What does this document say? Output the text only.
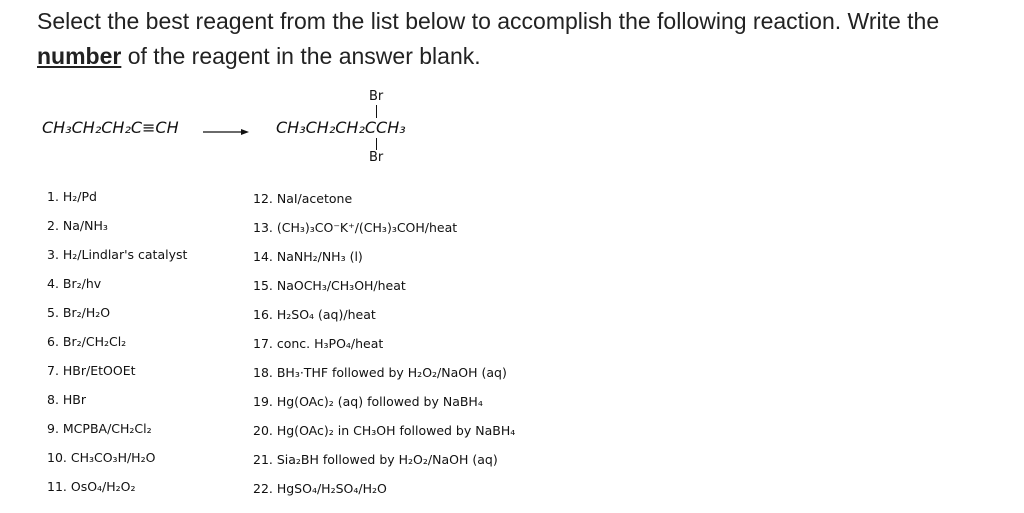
Select the best reagent from the list below to accomplish the following reaction. Write the
number of the reagent in the answer blank.
CH₃CH₂CH₂C≡CH
Br
CH₃CH₂CH₂CCH₃
Br
1. H₂/Pd
2. Na/NH₃
3. H₂/Lindlar's catalyst
4. Br₂/hv
5. Br₂/H₂O
6. Br₂/CH₂Cl₂
7. HBr/EtOOEt
8. HBr
9. MCPBA/CH₂Cl₂
10. CH₃CO₃H/H₂O
11. OsO₄/H₂O₂
12. NaI/acetone
13. (CH₃)₃CO⁻K⁺/(CH₃)₃COH/heat
14. NaNH₂/NH₃ (l)
15. NaOCH₃/CH₃OH/heat
16. H₂SO₄ (aq)/heat
17. conc. H₃PO₄/heat
18. BH₃·THF followed by H₂O₂/NaOH (aq)
19. Hg(OAc)₂ (aq) followed by NaBH₄
20. Hg(OAc)₂ in CH₃OH followed by NaBH₄
21. Sia₂BH followed by H₂O₂/NaOH (aq)
22. HgSO₄/H₂SO₄/H₂O
